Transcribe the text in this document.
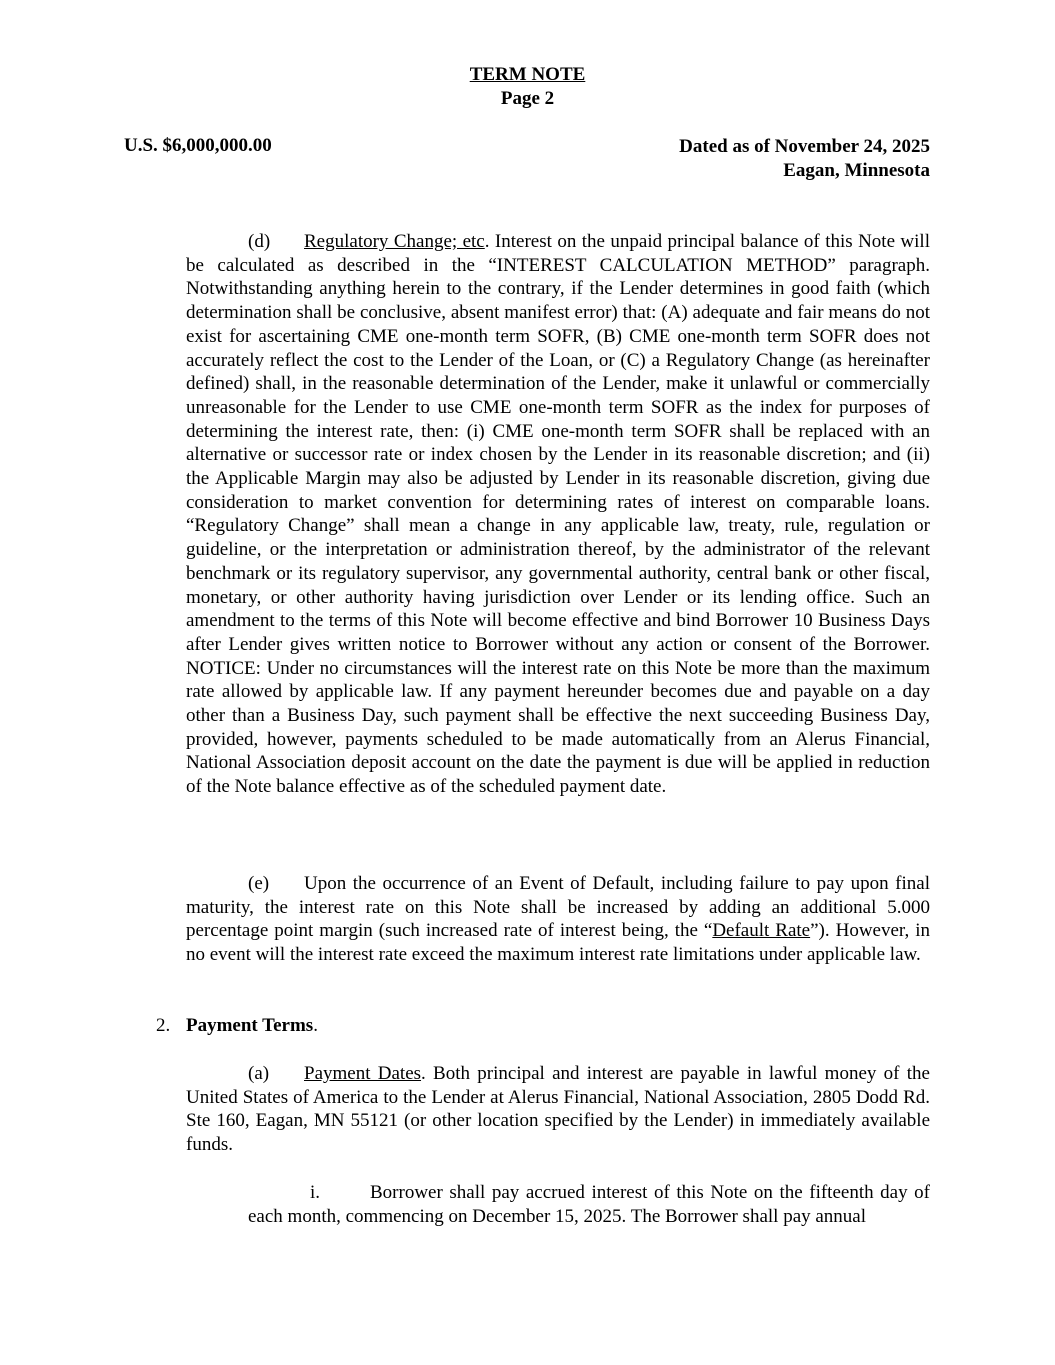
TERM NOTE
Page 2
U.S. $6,000,000.00	Dated as of November 24, 2025
Eagan, Minnesota
(d) Regulatory Change; etc. Interest on the unpaid principal balance of this Note will be calculated as described in the “INTEREST CALCULATION METHOD” paragraph. Notwithstanding anything herein to the contrary, if the Lender determines in good faith (which determination shall be conclusive, absent manifest error) that: (A) adequate and fair means do not exist for ascertaining CME one-month term SOFR, (B) CME one-month term SOFR does not accurately reflect the cost to the Lender of the Loan, or (C) a Regulatory Change (as hereinafter defined) shall, in the reasonable determination of the Lender, make it unlawful or commercially unreasonable for the Lender to use CME one-month term SOFR as the index for purposes of determining the interest rate, then: (i) CME one-month term SOFR shall be replaced with an alternative or successor rate or index chosen by the Lender in its reasonable discretion; and (ii) the Applicable Margin may also be adjusted by Lender in its reasonable discretion, giving due consideration to market convention for determining rates of interest on comparable loans. “Regulatory Change” shall mean a change in any applicable law, treaty, rule, regulation or guideline, or the interpretation or administration thereof, by the administrator of the relevant benchmark or its regulatory supervisor, any governmental authority, central bank or other fiscal, monetary, or other authority having jurisdiction over Lender or its lending office. Such an amendment to the terms of this Note will become effective and bind Borrower 10 Business Days after Lender gives written notice to Borrower without any action or consent of the Borrower. NOTICE: Under no circumstances will the interest rate on this Note be more than the maximum rate allowed by applicable law. If any payment hereunder becomes due and payable on a day other than a Business Day, such payment shall be effective the next succeeding Business Day, provided, however, payments scheduled to be made automatically from an Alerus Financial, National Association deposit account on the date the payment is due will be applied in reduction of the Note balance effective as of the scheduled payment date.
(e) Upon the occurrence of an Event of Default, including failure to pay upon final maturity, the interest rate on this Note shall be increased by adding an additional 5.000 percentage point margin (such increased rate of interest being, the “Default Rate”). However, in no event will the interest rate exceed the maximum interest rate limitations under applicable law.
2. Payment Terms.
(a) Payment Dates. Both principal and interest are payable in lawful money of the United States of America to the Lender at Alerus Financial, National Association, 2805 Dodd Rd. Ste 160, Eagan, MN 55121 (or other location specified by the Lender) in immediately available funds.
i.	Borrower shall pay accrued interest of this Note on the fifteenth day of each month, commencing on December 15, 2025. The Borrower shall pay annual
